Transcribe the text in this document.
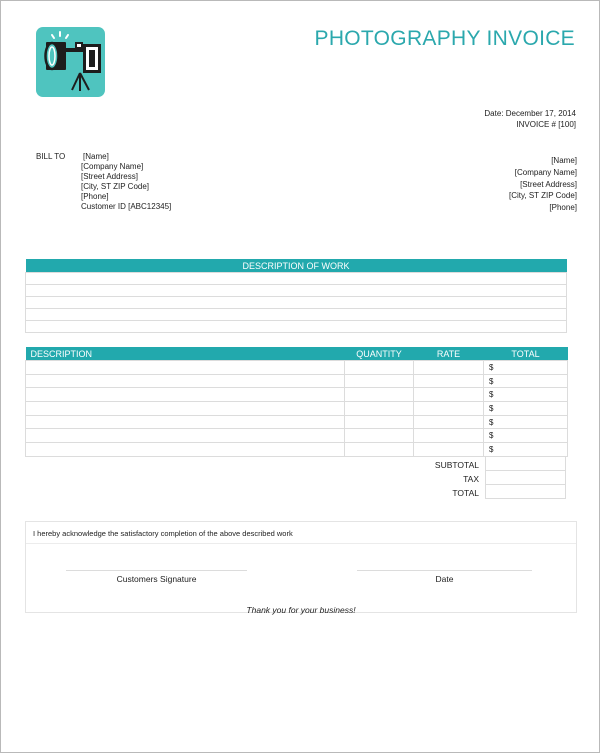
PHOTOGRAPHY INVOICE
Date: December 17, 2014
INVOICE # [100]
BILL TO [Name]
[Company Name]
[Street Address]
[City, ST ZIP Code]
[Phone]
Customer ID [ABC12345]
[Name]
[Company Name]
[Street Address]
[City, ST ZIP Code]
[Phone]
DESCRIPTION OF WORK

DESCRIPTION	QUANTITY	RATE	TOTAL
			$
			$
			$
			$
			$
			$
			$
SUBTOTAL
TAX
TOTAL
I hereby acknowledge the satisfactory completion of the above described work
Customers Signature	Date
Thank you for your business!
